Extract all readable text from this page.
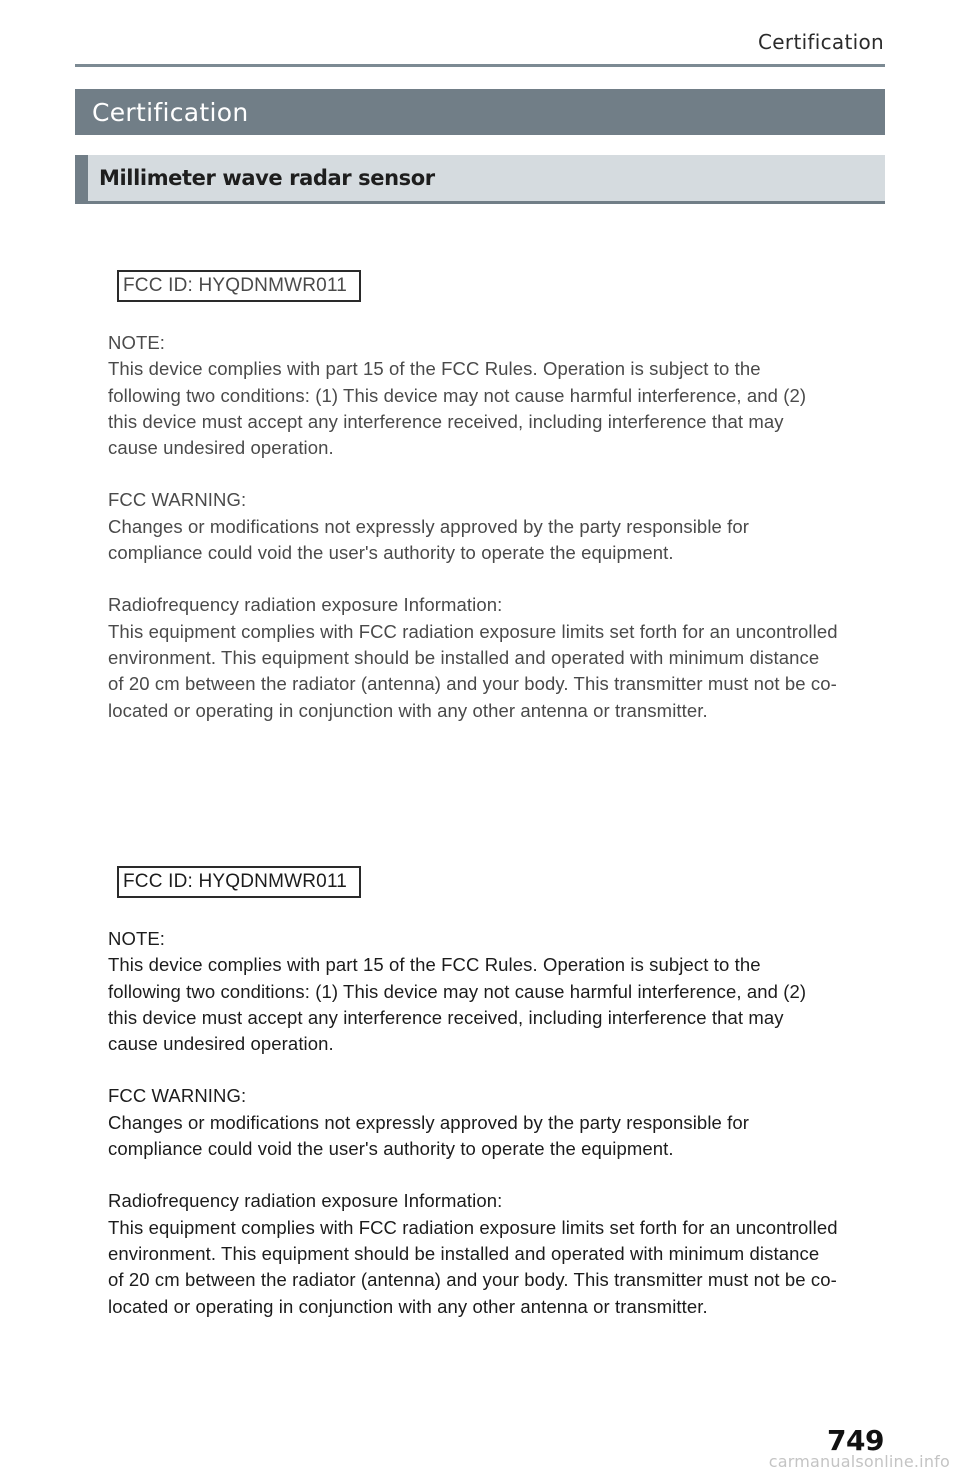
Certification
Certification
Millimeter wave radar sensor
FCC ID: HYQDNMWR011

NOTE:
This device complies with part 15 of the FCC Rules. Operation is subject to the following two conditions: (1) This device may not cause harmful interference, and (2) this device must accept any interference received, including interference that may cause undesired operation.

FCC WARNING:
Changes or modifications not expressly approved by the party responsible for compliance could void the user's authority to operate the equipment.

Radiofrequency radiation exposure Information:
This equipment complies with FCC radiation exposure limits set forth for an uncontrolled environment. This equipment should be installed and operated with minimum distance of 20 cm between the radiator (antenna) and your body. This transmitter must not be co-located or operating in conjunction with any other antenna or transmitter.

FCC ID: HYQDNMWR011

NOTE:
This device complies with part 15 of the FCC Rules. Operation is subject to the following two conditions: (1) This device may not cause harmful interference, and (2) this device must accept any interference received, including interference that may cause undesired operation.

FCC WARNING:
Changes or modifications not expressly approved by the party responsible for compliance could void the user's authority to operate the equipment.

Radiofrequency radiation exposure Information:
This equipment complies with FCC radiation exposure limits set forth for an uncontrolled environment. This equipment should be installed and operated with minimum distance of 20 cm between the radiator (antenna) and your body. This transmitter must not be co-located or operating in conjunction with any other antenna or transmitter.

749
carmanualsonline.info
